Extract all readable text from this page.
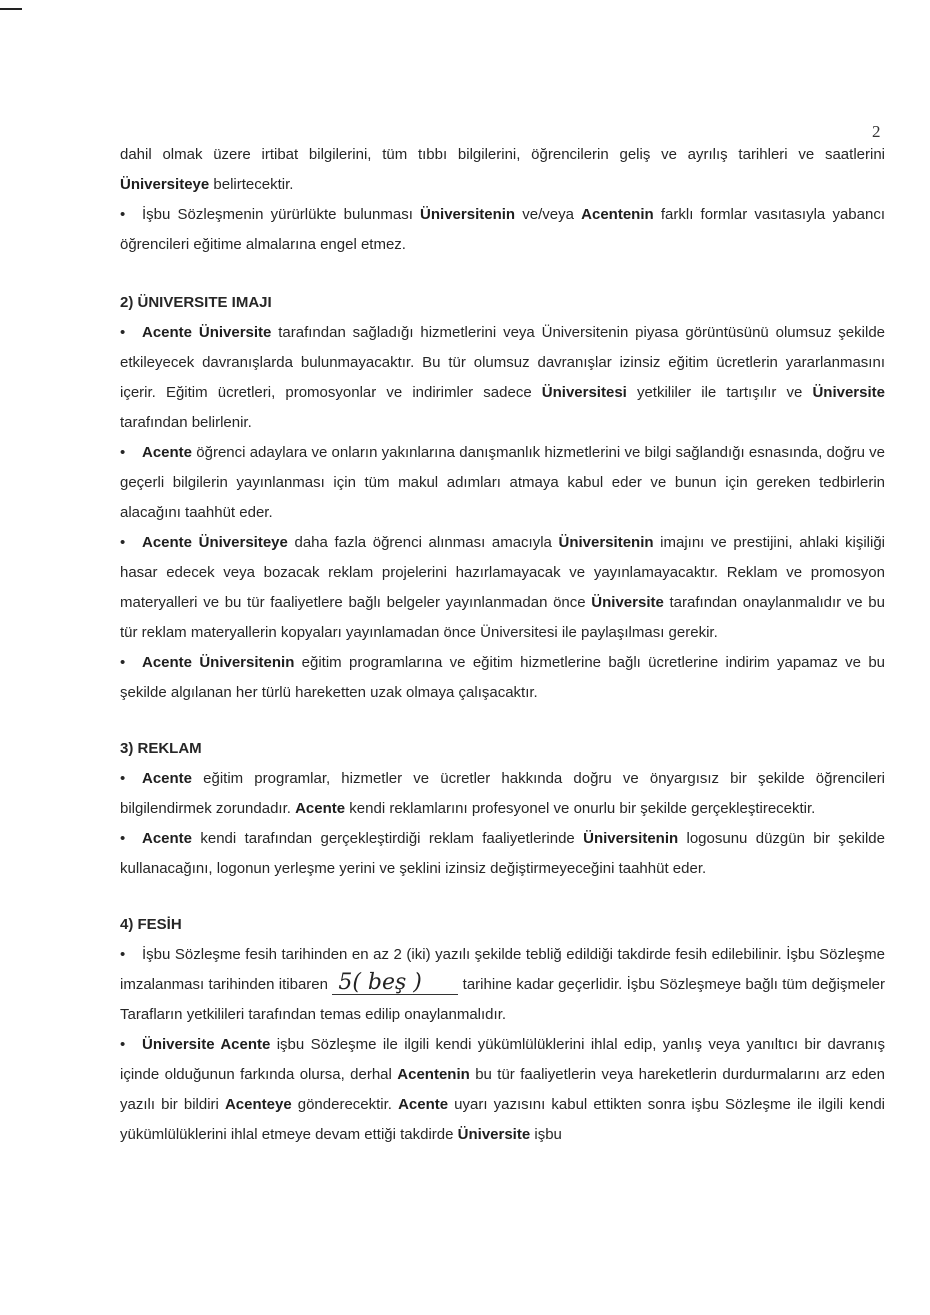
2

dahil olmak üzere irtibat bilgilerini, tüm tıbbı bilgilerini, öğrencilerin geliş ve ayrılış tarihleri ve saatlerini Üniversiteye belirtecektir.

• İşbu Sözleşmenin yürürlükte bulunması Üniversitenin ve/veya Acentenin farklı formlar vasıtasıyla yabancı öğrencileri eğitime almalarına engel etmez.

2) ÜNIVERSITE IMAJI

• Acente Üniversite tarafından sağladığı hizmetlerini veya Üniversitenin piyasa görüntüsünü olumsuz şekilde etkileyecek davranışlarda bulunmayacaktır. Bu tür olumsuz davranışlar izinsiz eğitim ücretlerin yararlanmasını içerir. Eğitim ücretleri, promosyonlar ve indirimler sadece Üniversitesi yetkililer ile tartışılır ve Üniversite tarafından belirlenir.

• Acente öğrenci adaylara ve onların yakınlarına danışmanlık hizmetlerini ve bilgi sağlandığı esnasında, doğru ve geçerli bilgilerin yayınlanması için tüm makul adımları atmaya kabul eder ve bunun için gereken tedbirlerin alacağını taahhüt eder.

• Acente Üniversiteye daha fazla öğrenci alınması amacıyla Üniversitenin imajını ve prestijini, ahlaki kişiliği hasar edecek veya bozacak reklam projelerini hazırlamayacak ve yayınlamayacaktır. Reklam ve promosyon materyalleri ve bu tür faaliyetlere bağlı belgeler yayınlanmadan önce Üniversite tarafından onaylanmalıdır ve bu tür reklam materyallerin kopyaları yayınlamadan önce Üniversitesi ile paylaşılması gerekir.

• Acente Üniversitenin eğitim programlarına ve eğitim hizmetlerine bağlı ücretlerine indirim yapamaz ve bu şekilde algılanan her türlü hareketten uzak olmaya çalışacaktır.

3) REKLAM

• Acente eğitim programlar, hizmetler ve ücretler hakkında doğru ve önyargısız bir şekilde öğrencileri bilgilendirmek zorundadır. Acente kendi reklamlarını profesyonel ve onurlu bir şekilde gerçekleştirecektir.

• Acente kendi tarafından gerçekleştirdiği reklam faaliyetlerinde Üniversitenin logosunu düzgün bir şekilde kullanacağını, logonun yerleşme yerini ve şeklini izinsiz değiştirmeyeceğini taahhüt eder.

4) FESİH

• İşbu Sözleşme fesih tarihinden en az 2 (iki) yazılı şekilde tebliğ edildiği takdirde fesih edilebilinir. İşbu Sözleşme imzalanması tarihinden itibaren 5( beş ) tarihine kadar geçerlidir. İşbu Sözleşmeye bağlı tüm değişmeler Tarafların yetkilileri tarafından temas edilip onaylanmalıdır.

• Üniversite Acente işbu Sözleşme ile ilgili kendi yükümlülüklerini ihlal edip, yanlış veya yanıltıcı bir davranış içinde olduğunun farkında olursa, derhal Acentenin bu tür faaliyetlerin veya hareketlerin durdurmalarını arz eden yazılı bir bildiri Acenteye gönderecektir. Acente uyarı yazısını kabul ettikten sonra işbu Sözleşme ile ilgili kendi yükümlülüklerini ihlal etmeye devam ettiği takdirde Üniversite işbu
